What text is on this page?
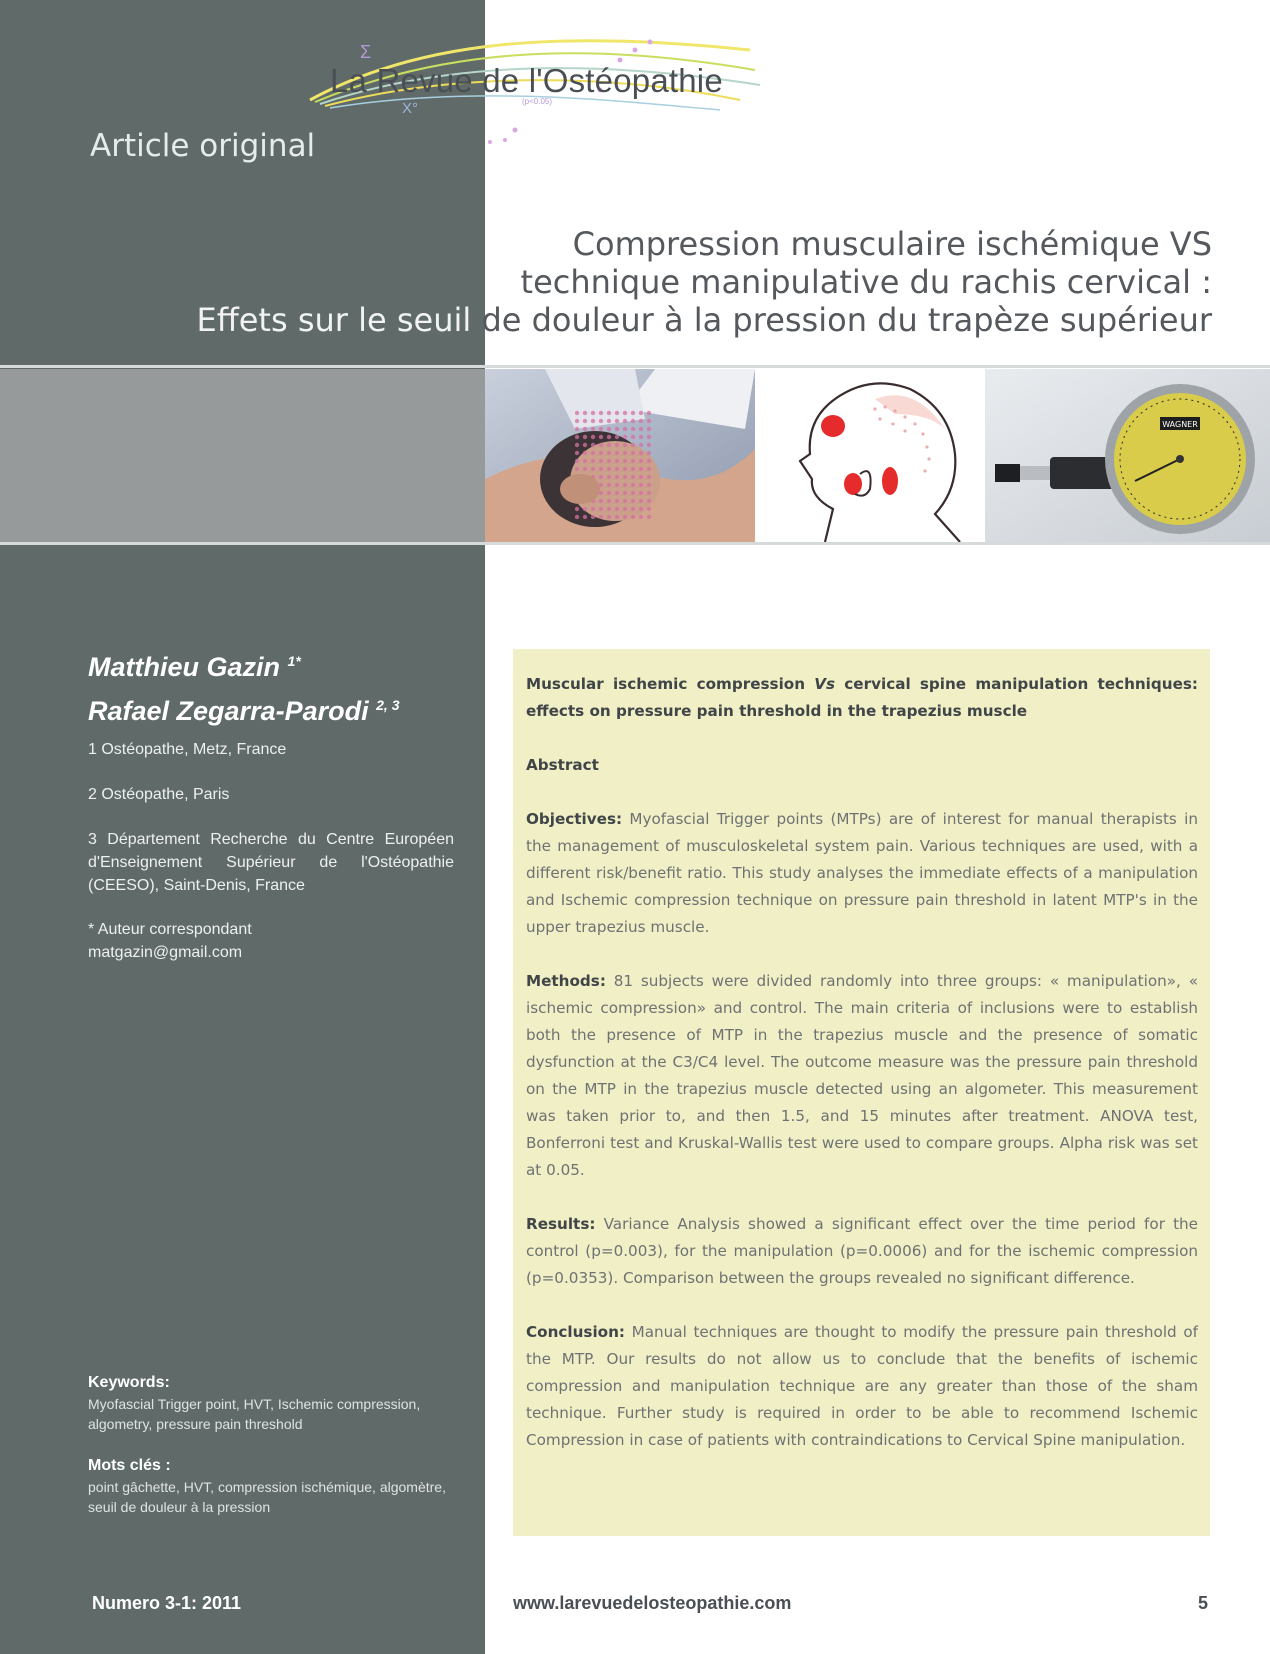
La Revue de l'Ostéopathie
Σ
X°	(p<0.05)
Article original
Compression musculaire ischémique VS
technique manipulative du rachis cervical :
Effets sur le seuil de douleur à la pression du trapèze supérieur
WAGNER
Matthieu Gazin $^{1*}$
Rafael Zegarra-Parodi $^{2, 3}$
1 Ostéopathe, Metz, France
2 Ostéopathe, Paris
3 Département Recherche du Centre Européen d'Enseignement Supérieur de l'Ostéopathie (CEESO), Saint-Denis, France
* Auteur correspondant
matgazin@gmail.com
Keywords:
Myofascial Trigger point, HVT, Ischemic compression, algometry, pressure pain threshold
Mots clés :
point gâchette, HVT, compression ischémique, algomètre, seuil de douleur à la pression

Muscular ischemic compression Vs cervical spine manipulation techniques: effects on pressure pain threshold in the trapezius muscle

Abstract

Objectives: Myofascial Trigger points (MTPs) are of interest for manual therapists in the management of musculoskeletal system pain. Various techniques are used, with a different risk/benefit ratio. This study analyses the immediate effects of a manipulation and Ischemic compression technique on pressure pain threshold in latent MTP's in the upper trapezius muscle.

Methods: 81 subjects were divided randomly into three groups: « manipulation», « ischemic compression» and control. The main criteria of inclusions were to establish both the presence of MTP in the trapezius muscle and the presence of somatic dysfunction at the C3/C4 level. The outcome measure was the pressure pain threshold on the MTP in the trapezius muscle detected using an algometer. This measurement was taken prior to, and then 1.5, and 15 minutes after treatment. ANOVA test, Bonferroni test and Kruskal-Wallis test were used to compare groups. Alpha risk was set at 0.05.

Results: Variance Analysis showed a significant effect over the time period for the control (p=0.003), for the manipulation (p=0.0006) and for the ischemic compression (p=0.0353). Comparison between the groups revealed no significant difference.

Conclusion: Manual techniques are thought to modify the pressure pain threshold of the MTP. Our results do not allow us to conclude that the benefits of ischemic compression and manipulation technique are any greater than those of the sham technique. Further study is required in order to be able to recommend Ischemic Compression in case of patients with contraindications to Cervical Spine manipulation.

Numero 3-1: 2011	www.larevuedelosteopathie.com	5
